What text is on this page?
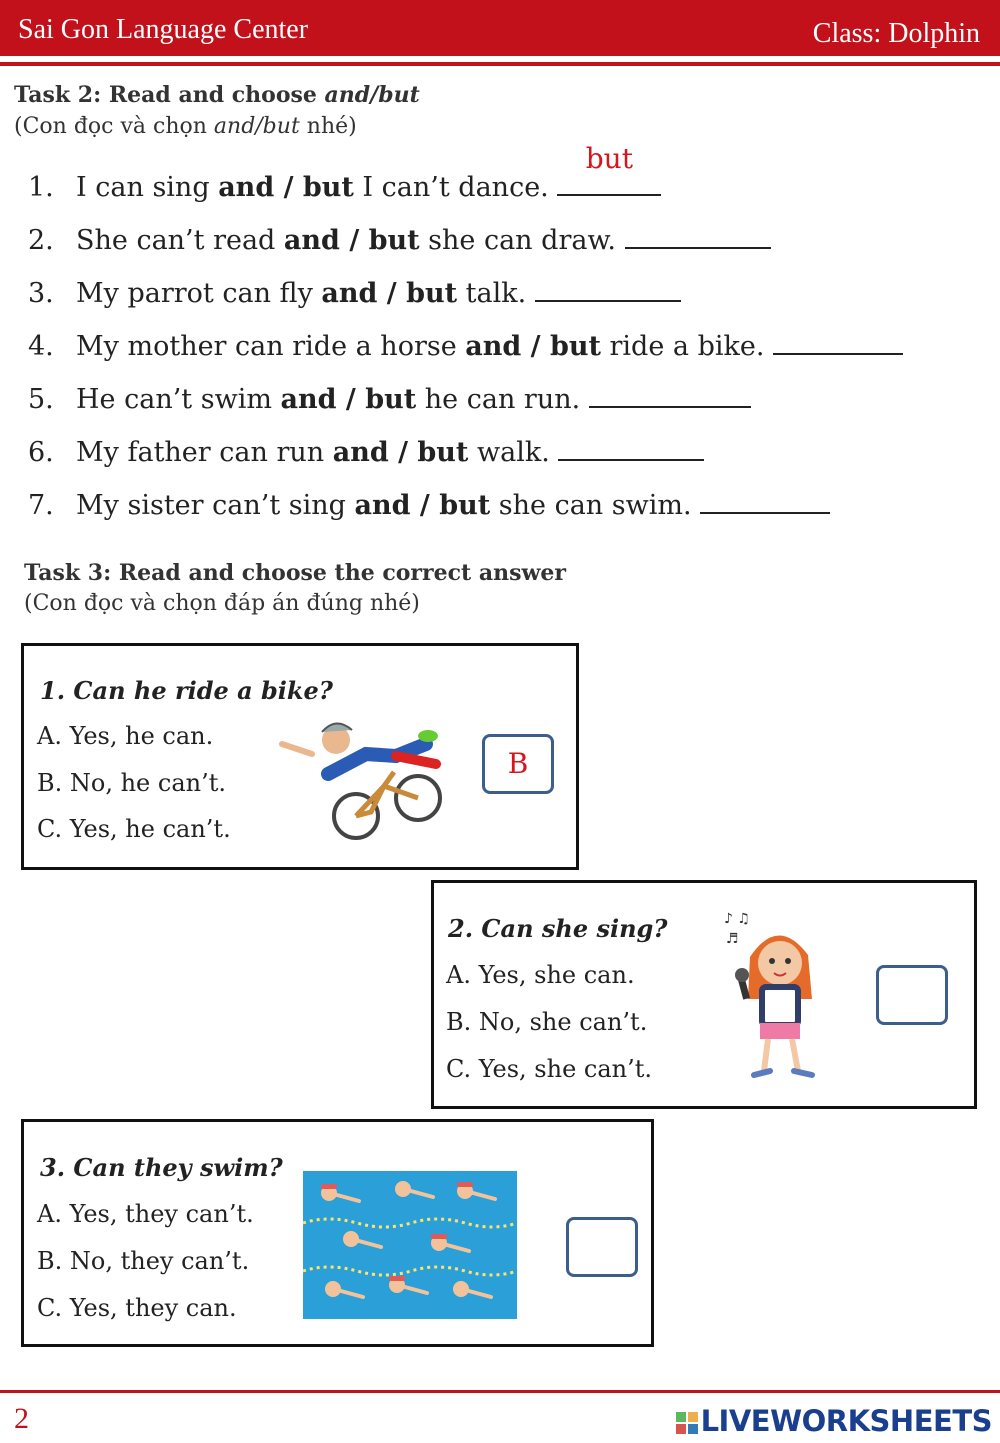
Sai Gon Language Center	Class: Dolphin
Task 2: Read and choose and/but
(Con đọc và chọn and/but nhé)
1. I can sing and / but I can’t dance.
but
2. She can’t read and / but she can draw.
3. My parrot can fly and / but talk.
4. My mother can ride a horse and / but ride a bike.
5. He can’t swim and / but he can run.
6. My father can run and / but walk.
7. My sister can’t sing and / but she can swim.
Task 3: Read and choose the correct answer
(Con đọc và chọn đáp án đúng nhé)
1. Can he ride a bike?
A. Yes, he can.
B. No, he can’t.
C. Yes, he can’t.
B
2. Can she sing?
A. Yes, she can.
B. No, she can’t.
C. Yes, she can’t.
♪ ♫
♬
3. Can they swim?
A. Yes, they can’t.
B. No, they can’t.
C. Yes, they can.
2	LIVEWORKSHEETS
